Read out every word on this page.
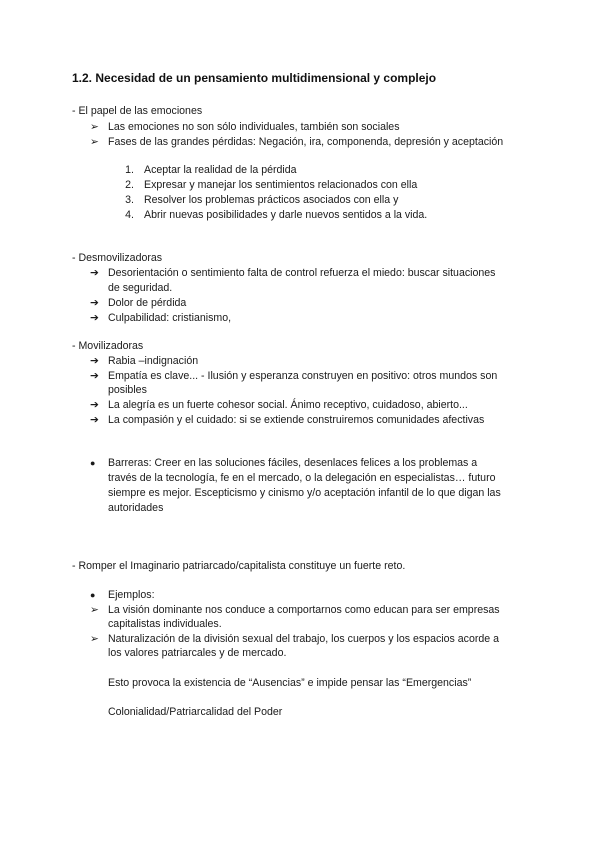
1.2. Necesidad de un pensamiento multidimensional y complejo
- El papel de las emociones
➢ Las emociones no son sólo individuales, también son sociales
➢ Fases de las grandes pérdidas: Negación, ira, componenda, depresión y aceptación
1. Aceptar la realidad de la pérdida
2. Expresar y manejar los sentimientos relacionados con ella
3. Resolver los problemas prácticos asociados con ella y
4. Abrir nuevas posibilidades y darle nuevos sentidos a la vida.
- Desmovilizadoras
➔ Desorientación o sentimiento falta de control refuerza el miedo: buscar situaciones
de seguridad.
➔ Dolor de pérdida
➔ Culpabilidad: cristianismo,
- Movilizadoras
➔ Rabia –indignación
➔ Empatía es clave... - Ilusión y esperanza construyen en positivo: otros mundos son
posibles
➔ La alegría es un fuerte cohesor social. Ánimo receptivo, cuidadoso, abierto...
➔ La compasión y el cuidado: si se extiende construiremos comunidades afectivas
●	Barreras: Creer en las soluciones fáciles, desenlaces felices a los problemas a
través de la tecnología, fe en el mercado, o la delegación en especialistas… futuro
siempre es mejor. Escepticismo y cinismo y/o aceptación infantil de lo que digan las
autoridades
- Romper el Imaginario patriarcado/capitalista constituye un fuerte reto.
●	Ejemplos:
➢ La visión dominante nos conduce a comportarnos como educan para ser empresas
capitalistas individuales.
➢ Naturalización de la división sexual del trabajo, los cuerpos y los espacios acorde a
los valores patriarcales y de mercado.
Esto provoca la existencia de “Ausencias” e impide pensar las “Emergencias”
Colonialidad/Patriarcalidad del Poder
